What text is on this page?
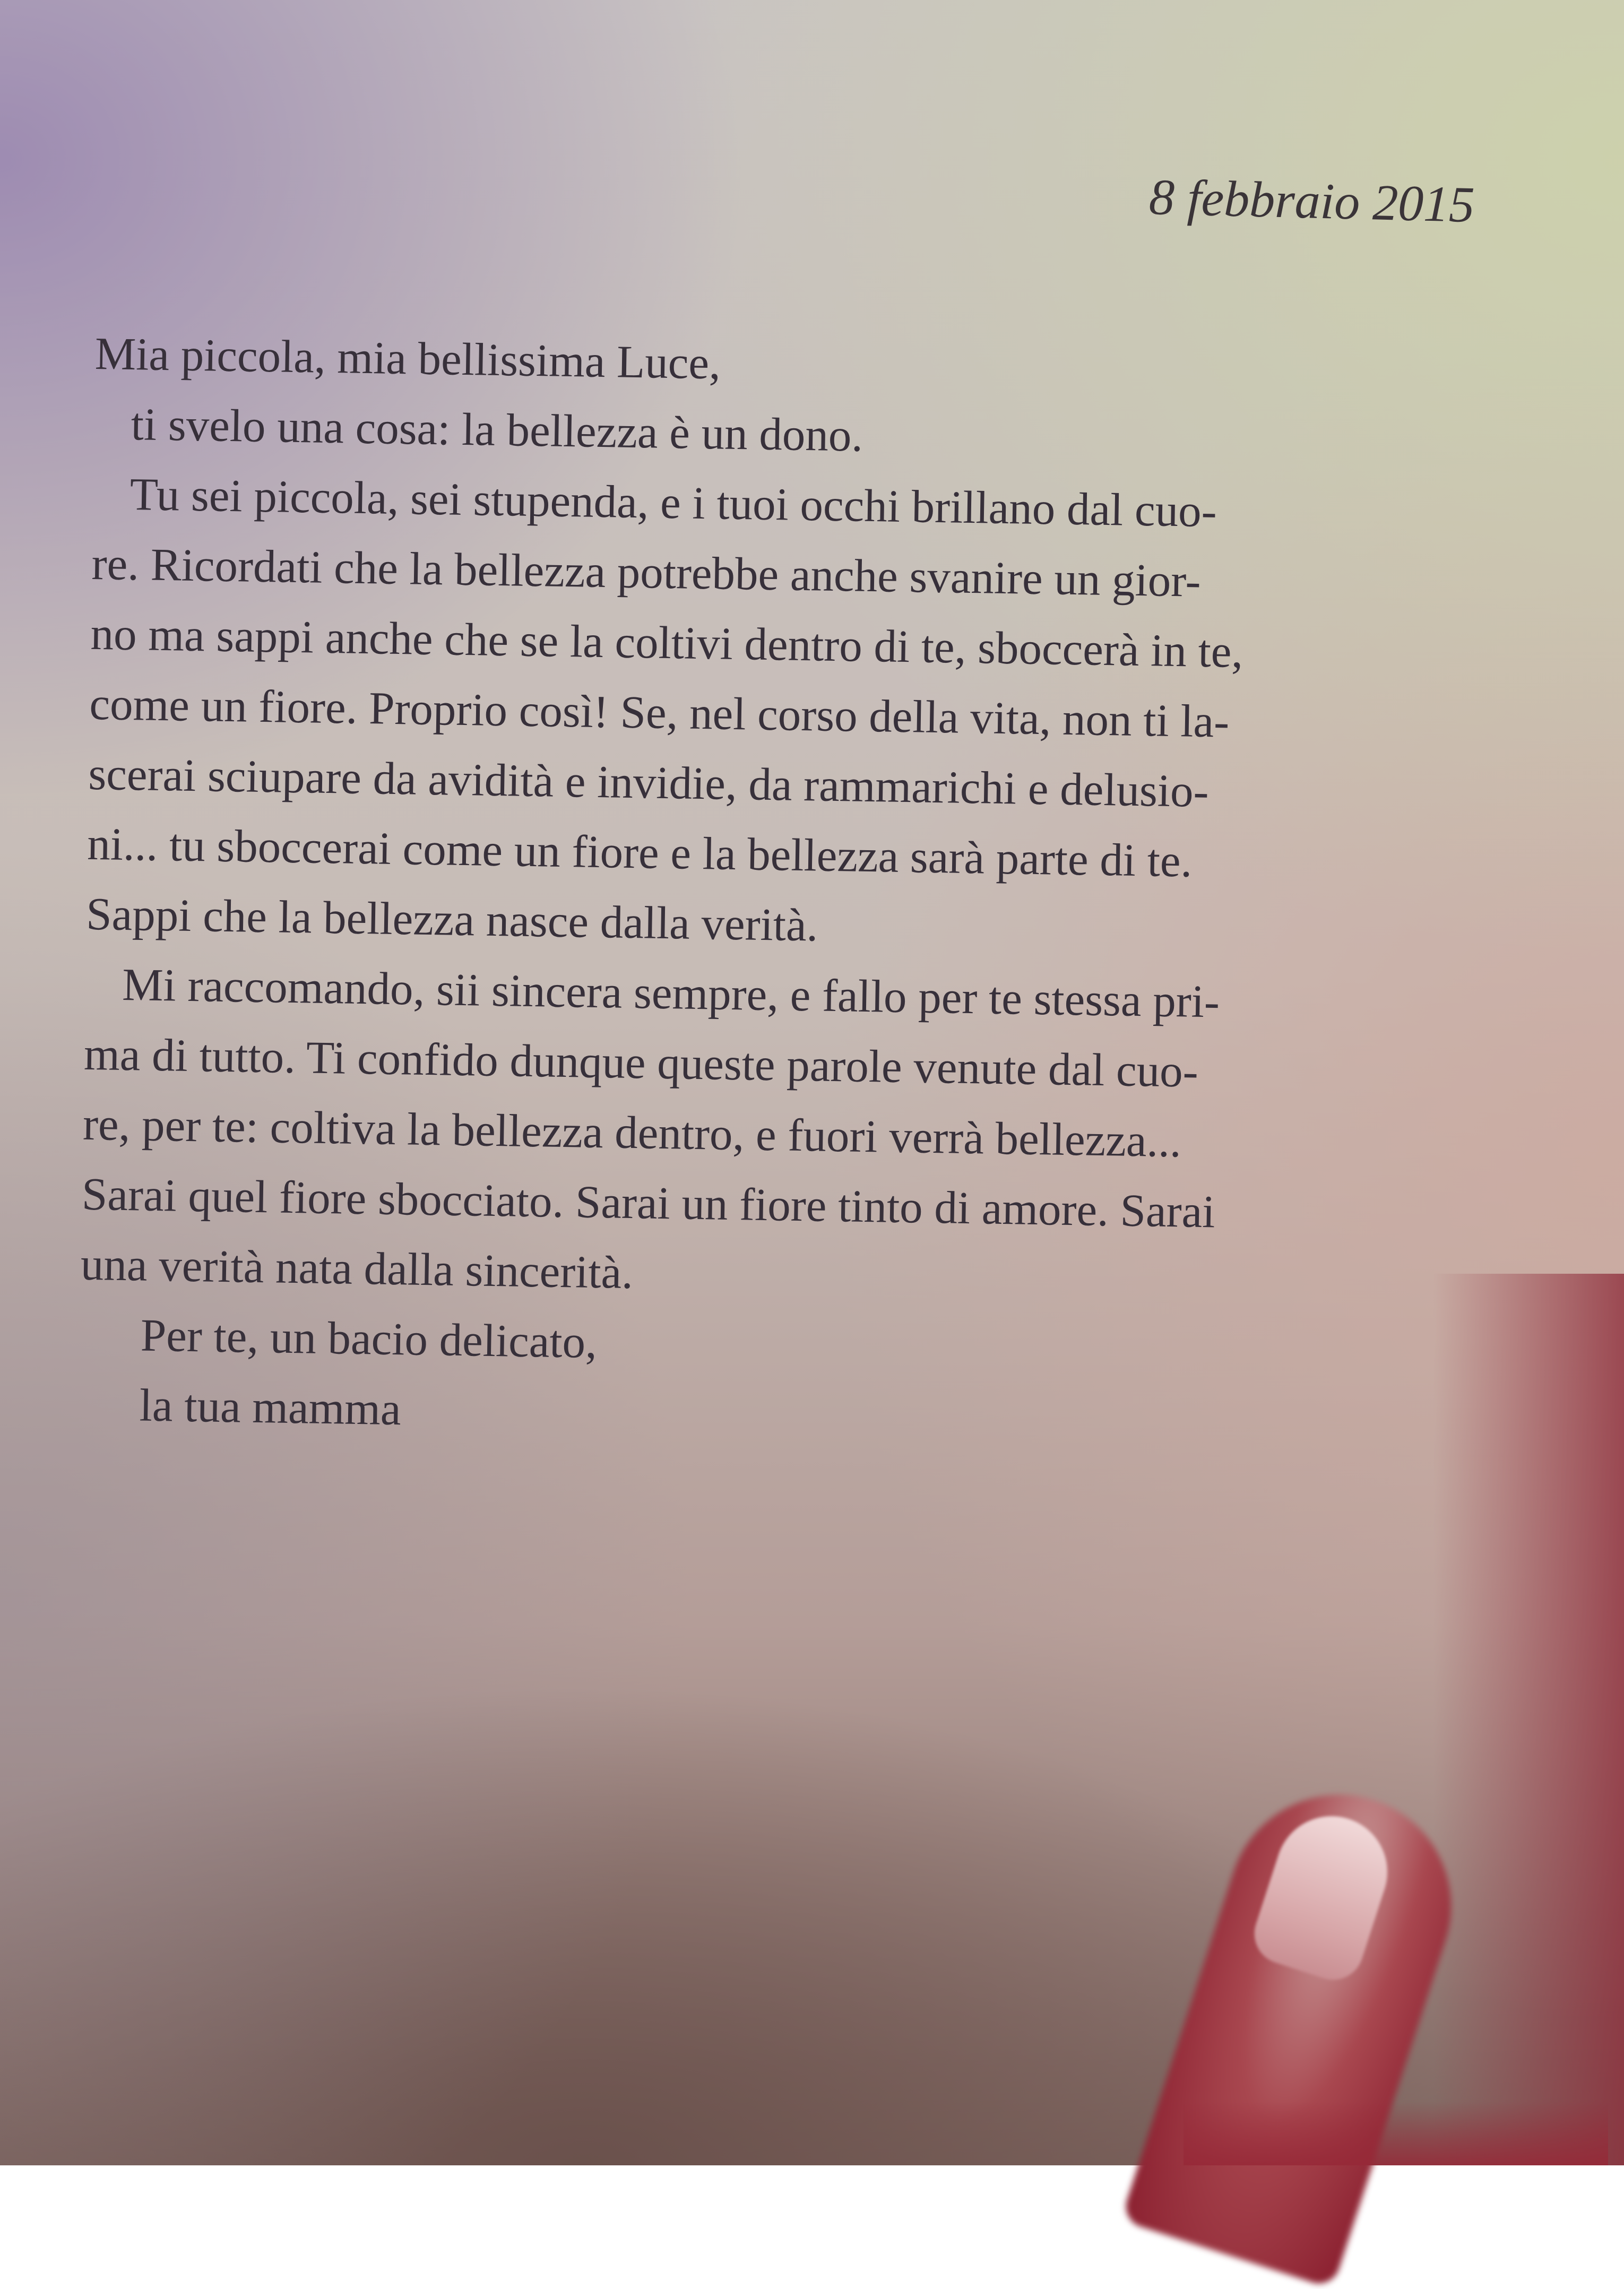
8 febbraio 2015

Mia piccola, mia bellissima Luce,
ti svelo una cosa: la bellezza è un dono.
Tu sei piccola, sei stupenda, e i tuoi occhi brillano dal cuo-
re. Ricordati che la bellezza potrebbe anche svanire un gior-
no ma sappi anche che se la coltivi dentro di te, sboccerà in te,
come un fiore. Proprio così! Se, nel corso della vita, non ti la-
scerai sciupare da avidità e invidie, da rammarichi e delusio-
ni... tu sboccerai come un fiore e la bellezza sarà parte di te.
Sappi che la bellezza nasce dalla verità.
Mi raccomando, sii sincera sempre, e fallo per te stessa pri-
ma di tutto. Ti confido dunque queste parole venute dal cuo-
re, per te: coltiva la bellezza dentro, e fuori verrà bellezza...
Sarai quel fiore sbocciato. Sarai un fiore tinto di amore. Sarai
una verità nata dalla sincerità.
Per te, un bacio delicato,
la tua mamma
